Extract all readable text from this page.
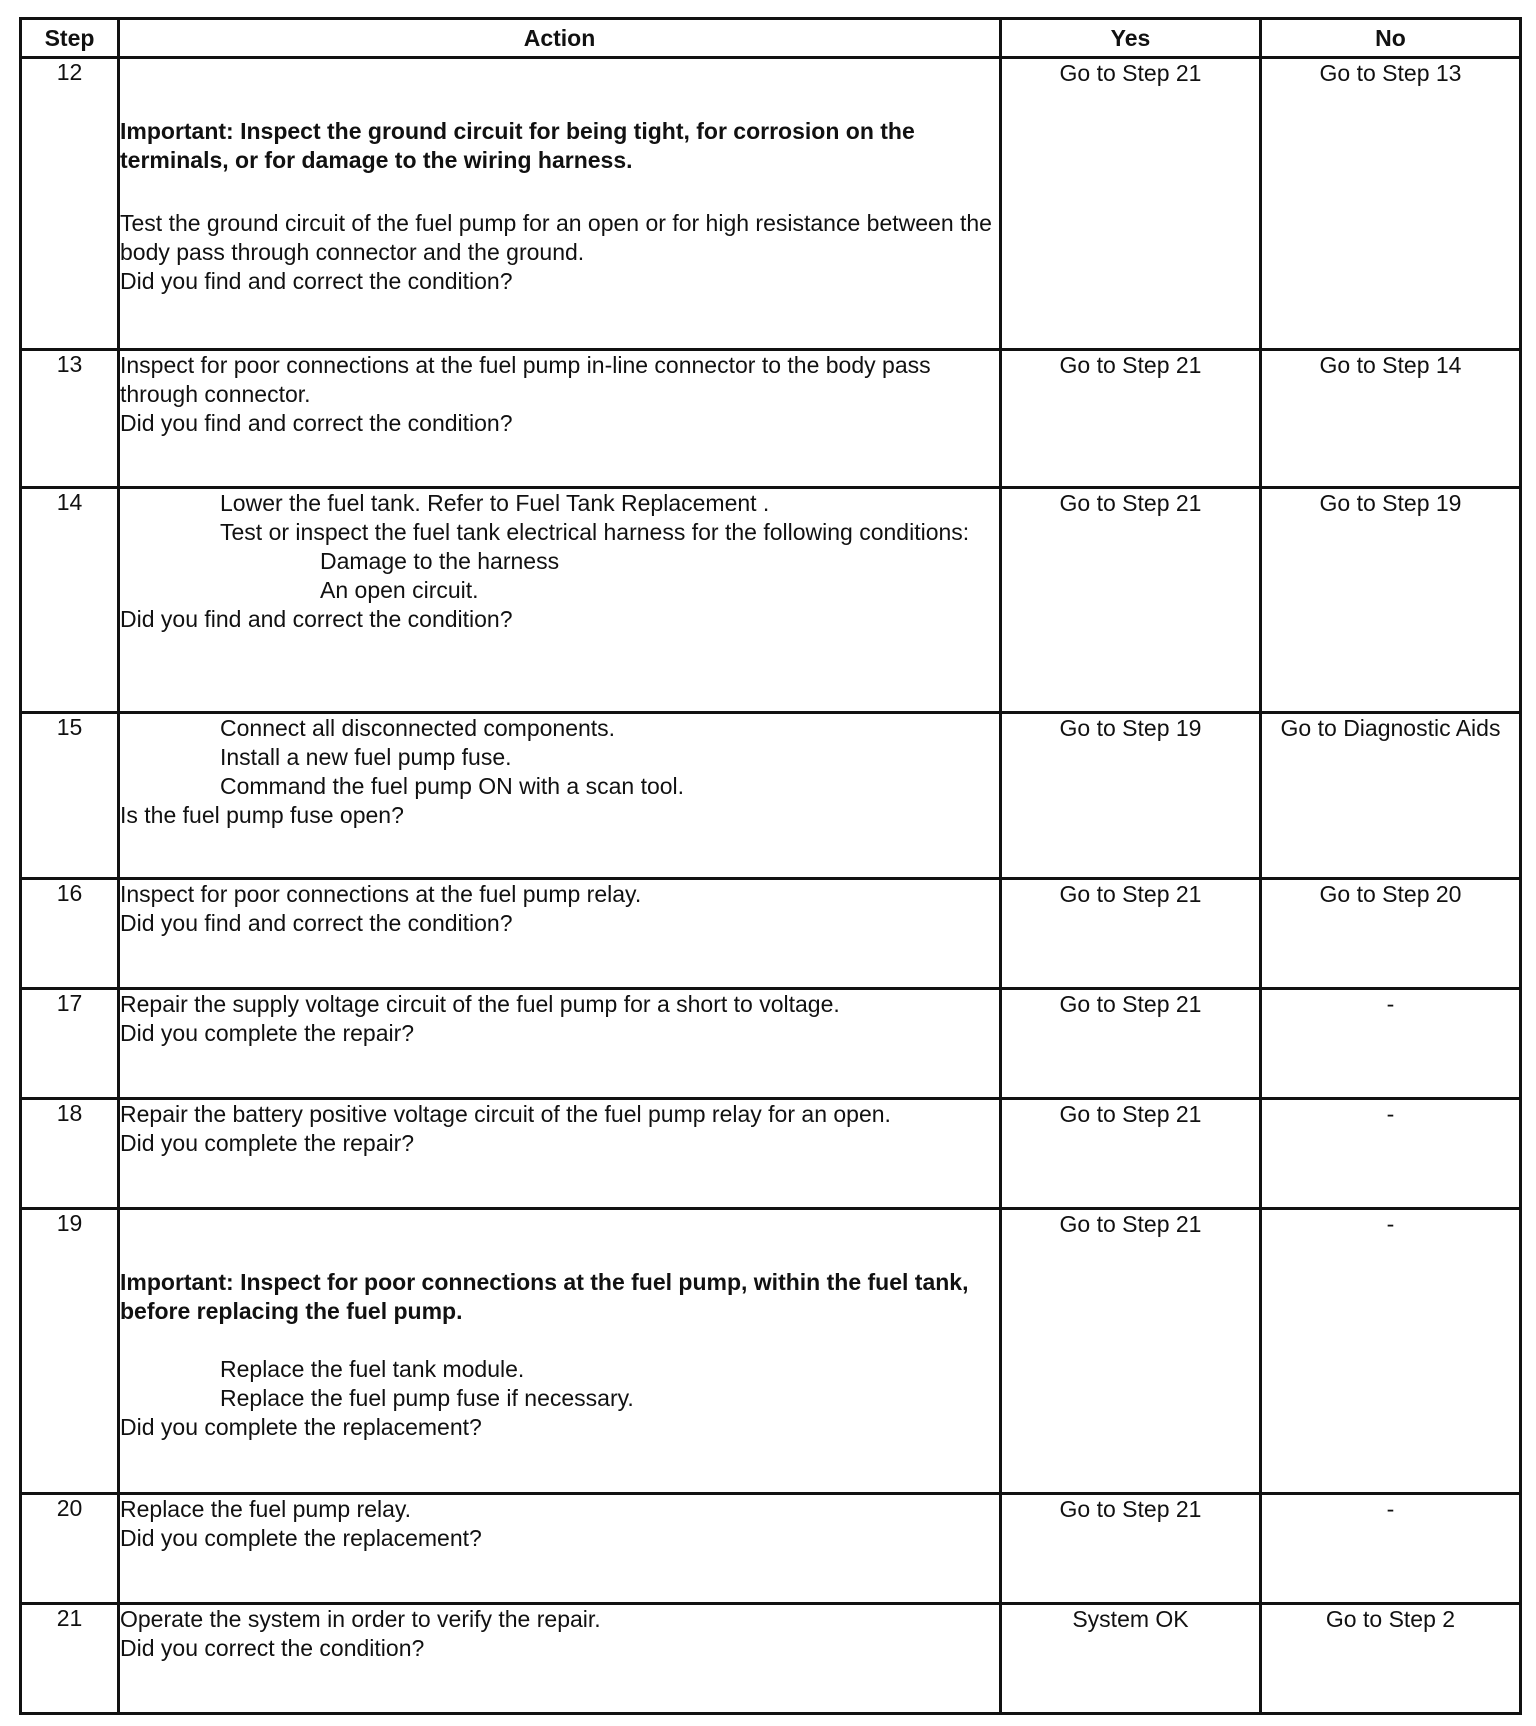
Step	Action	Yes	No
12	Important: Inspect the ground circuit for being tight, for corrosion on the terminals, or for damage to the wiring harness.
Test the ground circuit of the fuel pump for an open or for high resistance between the body pass through connector and the ground.
Did you find and correct the condition?	Go to Step 21	Go to Step 13

13	Inspect for poor connections at the fuel pump in-line connector to the body pass through connector.
Did you find and correct the condition?	Go to Step 21	Go to Step 14

14	Lower the fuel tank. Refer to Fuel Tank Replacement .
Test or inspect the fuel tank electrical harness for the following conditions:
Damage to the harness
An open circuit.
Did you find and correct the condition?	Go to Step 21	Go to Step 19

15	Connect all disconnected components.
Install a new fuel pump fuse.
Command the fuel pump ON with a scan tool.
Is the fuel pump fuse open?	Go to Step 19	Go to Diagnostic Aids

16	Inspect for poor connections at the fuel pump relay.
Did you find and correct the condition?	Go to Step 21	Go to Step 20

17	Repair the supply voltage circuit of the fuel pump for a short to voltage.
Did you complete the repair?	Go to Step 21	-

18	Repair the battery positive voltage circuit of the fuel pump relay for an open.
Did you complete the repair?	Go to Step 21	-

19	Important: Inspect for poor connections at the fuel pump, within the fuel tank, before replacing the fuel pump.
Replace the fuel tank module.
Replace the fuel pump fuse if necessary.
Did you complete the replacement?	Go to Step 21	-

20	Replace the fuel pump relay.
Did you complete the replacement?	Go to Step 21	-

21	Operate the system in order to verify the repair.
Did you correct the condition?	System OK	Go to Step 2
